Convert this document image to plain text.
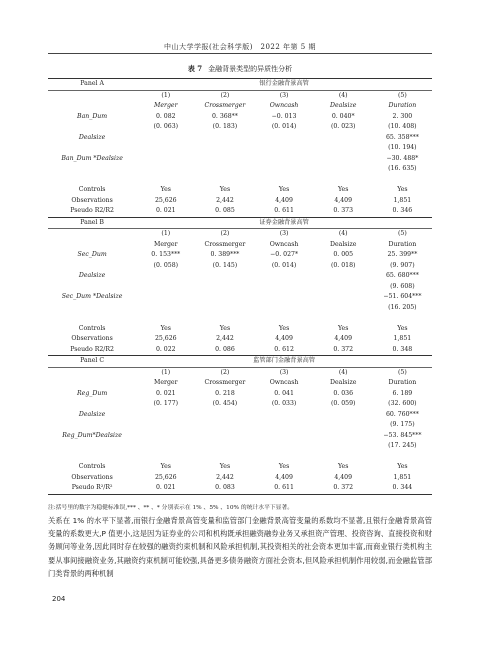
中山大学学报(社会科学版)　2022 年第 5 期
表 7 金融背景类型的异质性分析
Panel A	银行金融背景高管				
	(1)	(2)	(3)	(4)	(5)
	Merger	Crossmerger	Owncash	Dealsize	Duration
Ban_Dum	0. 082	0. 368**	−0. 013	0. 040*	2. 300
	(0. 063)	(0. 183)	(0. 014)	(0. 023)	(10. 408)
Dealsize					65. 358***
					(10. 194)
Ban_Dum *Dealsize					−30. 488*
					(16. 635)

Controls	Yes	Yes	Yes	Yes	Yes
Observations	25,626	2,442	4,409	4,409	1,851
Pseudo R2/R2	0. 021	0. 085	0. 611	0. 373	0. 346
Panel B	证券金融背景高管				
	(1)	(2)	(3)	(4)	(5)
	Merger	Crossmerger	Owncash	Dealsize	Duration
Sec_Dum	0. 153***	0. 389***	−0. 027*	0. 005	25. 399**
	(0. 058)	(0. 145)	(0. 014)	(0. 018)	(9. 907)
Dealsize					65. 680***
					(9. 608)
Sec_Dum *Dealsize					−51. 604***
					(16. 205)

Controls	Yes	Yes	Yes	Yes	Yes
Observations	25,626	2,442	4,409	4,409	1,851
Pseudo R2/R2	0. 022	0. 086	0. 612	0. 372	0. 348
Panel C	监管部门金融背景高管				
	(1)	(2)	(3)	(4)	(5)
	Merger	Crossmerger	Owncash	Dealsize	Duration
Reg_Dum	0. 021	0. 218	0. 041	0. 036	6. 189
	(0. 177)	(0. 454)	(0. 033)	(0. 059)	(32. 600)
Dealsize					60. 760***
					(9. 175)
Reg_Dum*Dealsize					−53. 845***
					(17. 245)

Controls	Yes	Yes	Yes	Yes	Yes
Observations	25,626	2,442	4,409	4,409	1,851
Pseudo R²/R²	0. 021	0. 083	0. 611	0. 372	0. 344
注:括号里的数字为稳健标准误,*** 、** 、* 分别表示在 1% 、5% 、10% 的统计水平下显著。

关系在 1% 的水平下显著,而银行金融背景高管变量和监管部门金融背景高管变量的系数均不显著,且银行金融背景高管变量的系数更大,P 值更小,这是因为证券业的公司和机构既承担融资融券业务又承担资产管理、投资咨询、直接投资和财务顾问等业务,因此同时存在较强的融资约束机制和风险承担机制,其投资相关的社会资本更加丰富,而商业银行类机构主要从事间接融资业务,其融资约束机制可能较强,具备更多债务融资方面社会资本,但风险承担机制作用较弱,而金融监管部门类背景的两种机制

204
